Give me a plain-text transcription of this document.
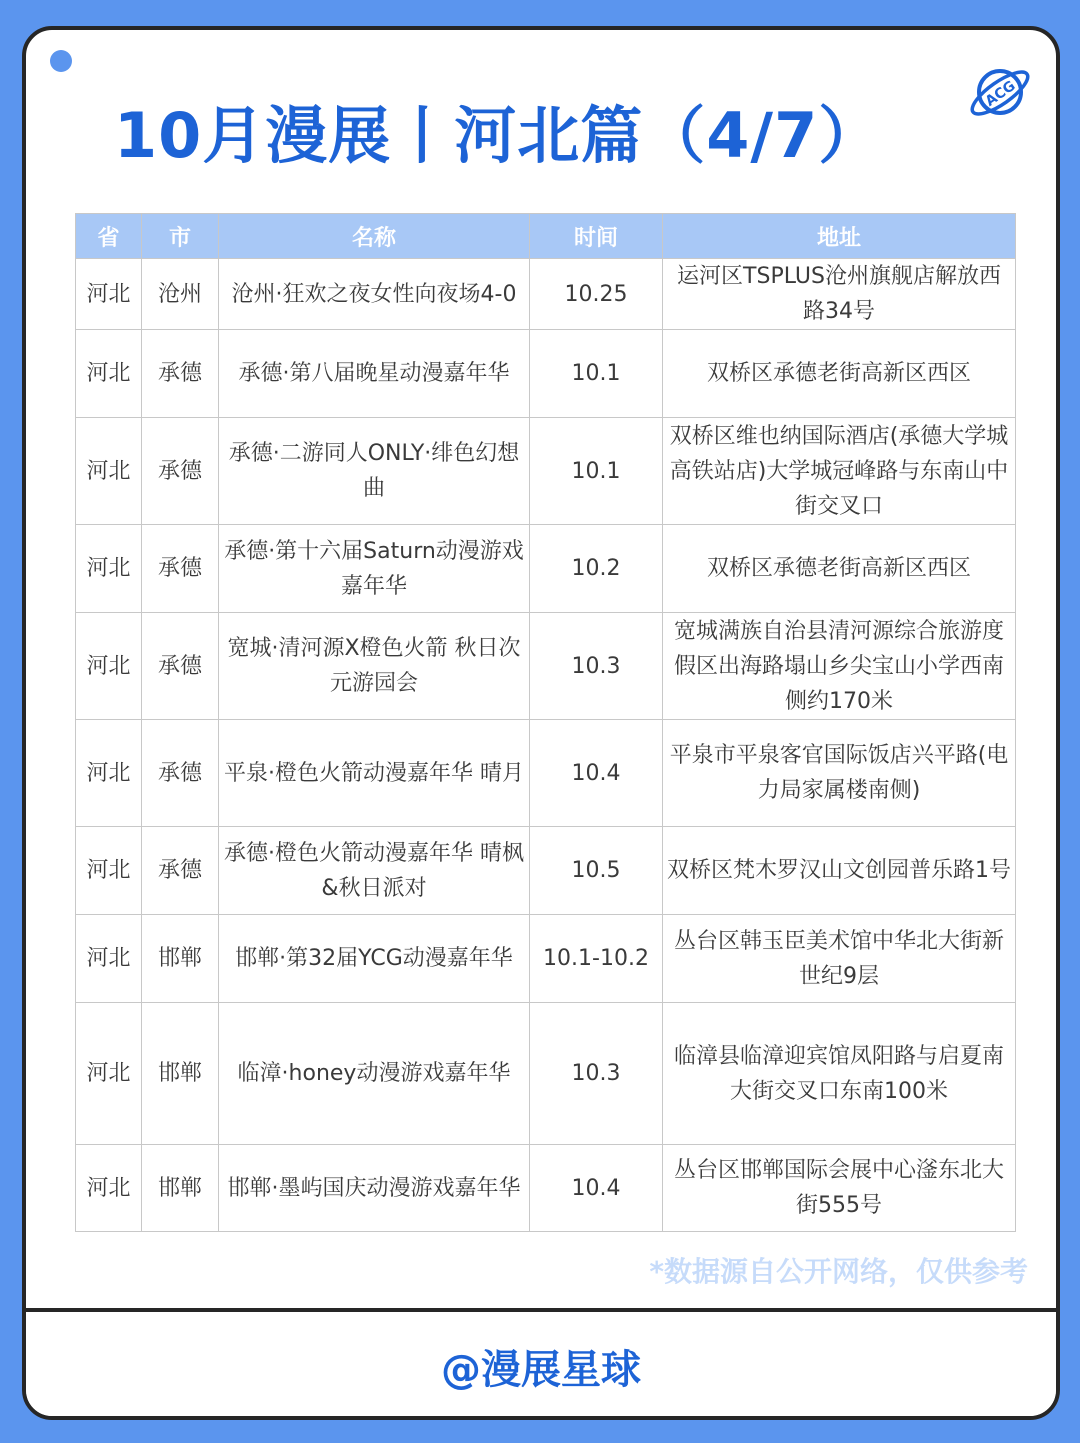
ACG
10月漫展丨河北篇（4/7）
省	市	名称	时间	地址
河北	沧州	沧州·狂欢之夜女性向夜场4-0	10.25	运河区TSPLUS沧州旗舰店解放西路34号
河北	承德	承德·第八届晚星动漫嘉年华	10.1	双桥区承德老街高新区西区
河北	承德	承德·二游同人ONLY·绯色幻想曲	10.1	双桥区维也纳国际酒店(承德大学城高铁站店)大学城冠峰路与东南山中街交叉口
河北	承德	承德·第十六届Saturn动漫游戏嘉年华	10.2	双桥区承德老街高新区西区
河北	承德	宽城·清河源X橙色火箭 秋日次元游园会	10.3	宽城满族自治县清河源综合旅游度假区出海路塌山乡尖宝山小学西南侧约170米
河北	承德	平泉·橙色火箭动漫嘉年华 晴月	10.4	平泉市平泉客官国际饭店兴平路(电力局家属楼南侧)
河北	承德	承德·橙色火箭动漫嘉年华 晴枫&秋日派对	10.5	双桥区梵木罗汉山文创园普乐路1号
河北	邯郸	邯郸·第32届YCG动漫嘉年华	10.1-10.2	丛台区韩玉臣美术馆中华北大街新世纪9层
河北	邯郸	临漳·honey动漫游戏嘉年华	10.3	临漳县临漳迎宾馆凤阳路与启夏南大街交叉口东南100米
河北	邯郸	邯郸·墨屿国庆动漫游戏嘉年华	10.4	丛台区邯郸国际会展中心滏东北大街555号
*数据源自公开网络，仅供参考
@漫展星球
